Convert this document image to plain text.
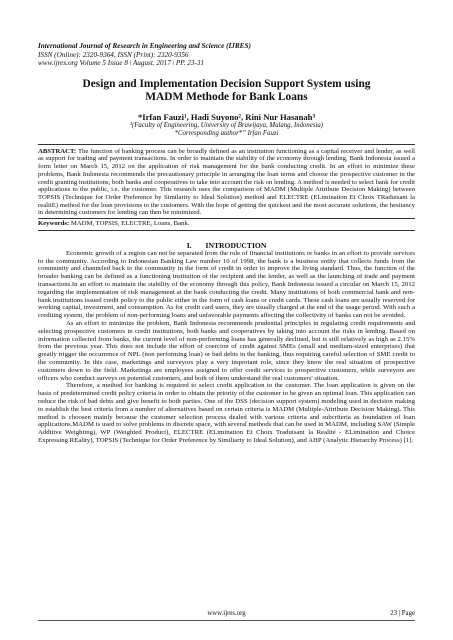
International Journal of Research in Engineering and Science (IJRES)
ISSN (Online): 2320-9364, ISSN (Print): 2320-9356
www.ijres.org Volume 5 Issue 8 ǀ August. 2017 ǀ PP. 23-31
Design and Implementation Decision Support System using
MADM Methode for Bank Loans
*Irfan Fauzi¹, Hadi Suyono², Rini Nur Hasanah³
¹(Faculty of Engineering, University of Brawijaya, Malang, Indonesia)
*Corresponding author*” Irfan Fauzi
ABSTRACT: The function of banking process can be broadly defined as an institution functioning as a capital receiver and lender, as well as support for trading and payment transactions. In order to maintain the stability of the economy through lending, Bank Indonesia issued a form letter on March 15, 2012 on the application of risk management for the bank conducting credit. In an effort to minimize these problems, Bank Indonesia recommends the precautionary principle in arranging the loan terms and choose the prospective customer in the credit granting institutions, both banks and cooperatives to take into account the risk on lending. A method is needed to select bank for credit applications to the public, i.e. the customer. This research uses the comparison of MADM (Multiple Attribute Decision Making) between TOPSIS (Technique for Order Preference by Similarity to Ideal Solution) method and ELECTRE (ELimination Et Choix TRaduisant la realitE) method for the loan provisions to the customers. With the hope of getting the quickest and the most accurate solutions, the hesitancy in determining customers for lending can then be minimized.
Keywords: MADM, TOPSIS, ELECTRE, Loans, Bank.
I. INTRODUCTION

Economic growth of a region can not be separated from the role of financial institutions or banks in an effort to provide services to the community. According to Indonesian Banking Law number 10 of 1998, the bank is a business entity that collects funds from the community and channeled back to the community in the form of credit in order to improve the living standard. Thus, the function of the broader banking can be defined as a functioning institution of the recipient and the lender, as well as the launching of trade and payment transactions.In an effort to maintain the stability of the economy through this policy, Bank Indonesia issued a circular on March 15, 2012 regarding the implementation of risk management at the bank conducting the credit. Many institutions of both commercial bank and non-bank institutions issued credit policy to the public either in the form of cash loans or credit cards. These cash loans are usually reserved for working capital, investment, and consumption. As for credit card users, they are usually charged at the end of the usage period. With such a crediting system, the problem of non-performing loans and unfavorable payments affecting the collectivity of banks can not be avoided.

As an effort to minimize the problem, Bank Indonesia recommends prudential principles in regulating credit requirements and selecting prospective customers in credit institutions, both banks and cooperatives by taking into account the risks in lending. Based on information collected from banks, the current level of non-performing loans has generally declined, but is still relatively as high as 2.15% from the previous year. This does not include the effort of coercion of credit against SMEs (small and medium-sized enterprises) that greatly trigger the occurrence of NPL (non performing loan) or bad debts in the banking, thus requiring careful selection of SME credit to the community. In this case, marketings and surveyors play a very important role, since they know the real situation of prospective customers down to the field. Marketings are employees assigned to offer credit services to prospective customers, while surveyors are officers who conduct surveys on potential customers, and both of them understand the real customers' situation.

Therefore, a method for banking is required to select credit application to the customer. The loan application is given on the basis of predetermined credit policy criteria in order to obtain the priority of the customer to be given an optimal loan. This application can reduce the risk of bad debts and give benefit to both parties. One of the DSS (decision support system) modeling used in decision making to establish the best criteria from a number of alternatives based on certain criteria is MADM (Multiple-Attribute Decision Making). This method is choosen mainly because the customer selection process dealed with various criteria and subcriteria as foundation of loan applications.MADM is used to solve problems in discrete space, with several methods that can be used in MADM, including SAW (Simple Additive Weighting), WP (Weighted Product), ELECTRE (ELimination Et Choix Traduisant la Realité - ELimination and Choice Expressing REality), TOPSIS (Technique for Order Preference by Similiarty to Ideal Solution), and AHP (Analytic Hierarchy Process) [1].

www.ijres.org	23 | Page
